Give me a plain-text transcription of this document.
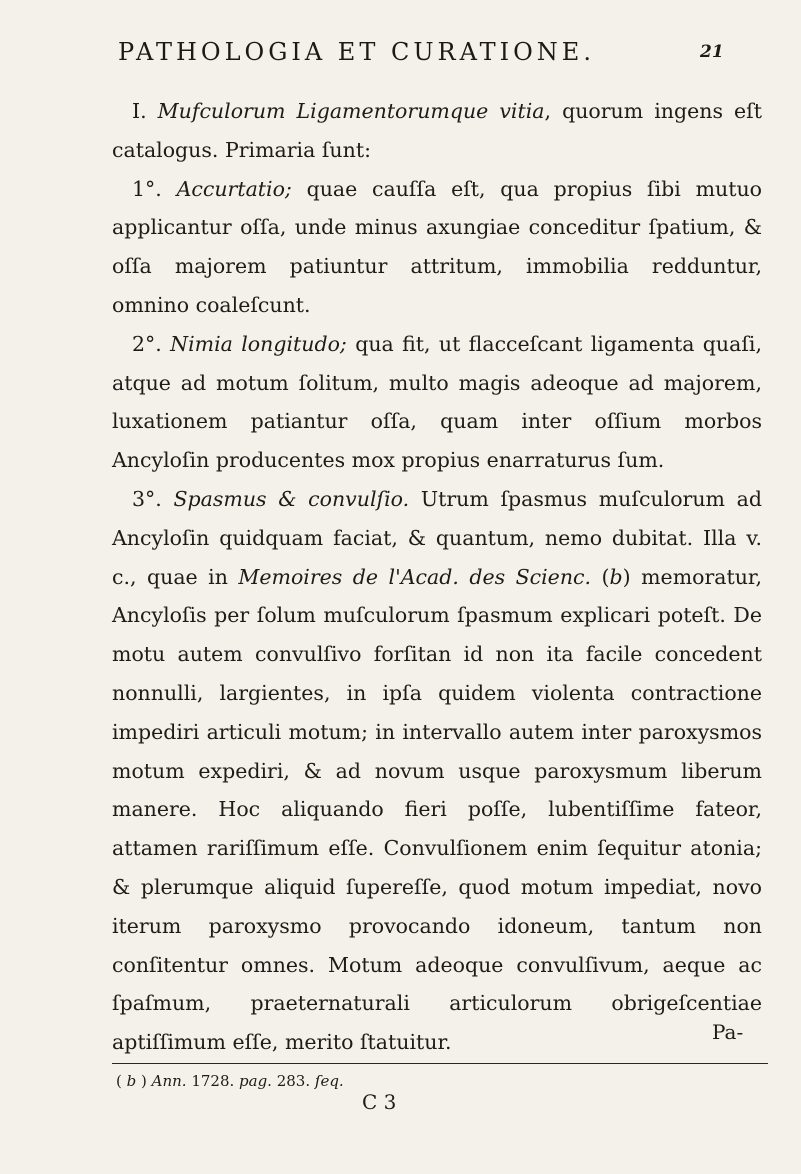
PATHOLOGIA ET CURATIONE.	21

I. Mufculorum Ligamentorumque vitia, quorum ingens eſt catalogus. Primaria ſunt:

1°. Accurtatio; quae cauſſa eſt, qua propius ſibi mutuo applicantur oſſa, unde minus axungiae conceditur ſpatium, & oſſa majorem patiuntur attritum, immobilia redduntur, omnino coaleſcunt.

2°. Nimia longitudo; qua fit, ut flacceſcant ligamenta quaſi, atque ad motum ſolitum, multo magis adeoque ad majorem, luxationem patiantur oſſa, quam inter oſſium morbos Ancyloſin producentes mox propius enarraturus ſum.

3°. Spasmus & convulſio. Utrum ſpasmus muſculorum ad Ancyloſin quidquam faciat, & quantum, nemo dubitat. Illa v. c., quae in Memoires de l'Acad. des Scienc. (b) memoratur, Ancyloſis per ſolum muſculorum ſpasmum explicari poteſt. De motu autem convulſivo forſitan id non ita facile concedent nonnulli, largientes, in ipſa quidem violenta contractione impediri articuli motum; in intervallo autem inter paroxysmos motum expediri, & ad novum usque paroxysmum liberum manere. Hoc aliquando fieri poſſe, lubentiſſime fateor, attamen rariſſimum eſſe. Convulſionem enim ſequitur atonia; & plerumque aliquid ſupereſſe, quod motum impediat, novo iterum paroxysmo provocando idoneum, tantum non conſitentur omnes. Motum adeoque convulſivum, aeque ac ſpaſmum, praeternaturali articulorum obrigeſcentiae aptiſſimum eſſe, merito ſtatuitur.	Pa-
( b ) Ann. 1728. pag. 283. ſeq.
C 3
